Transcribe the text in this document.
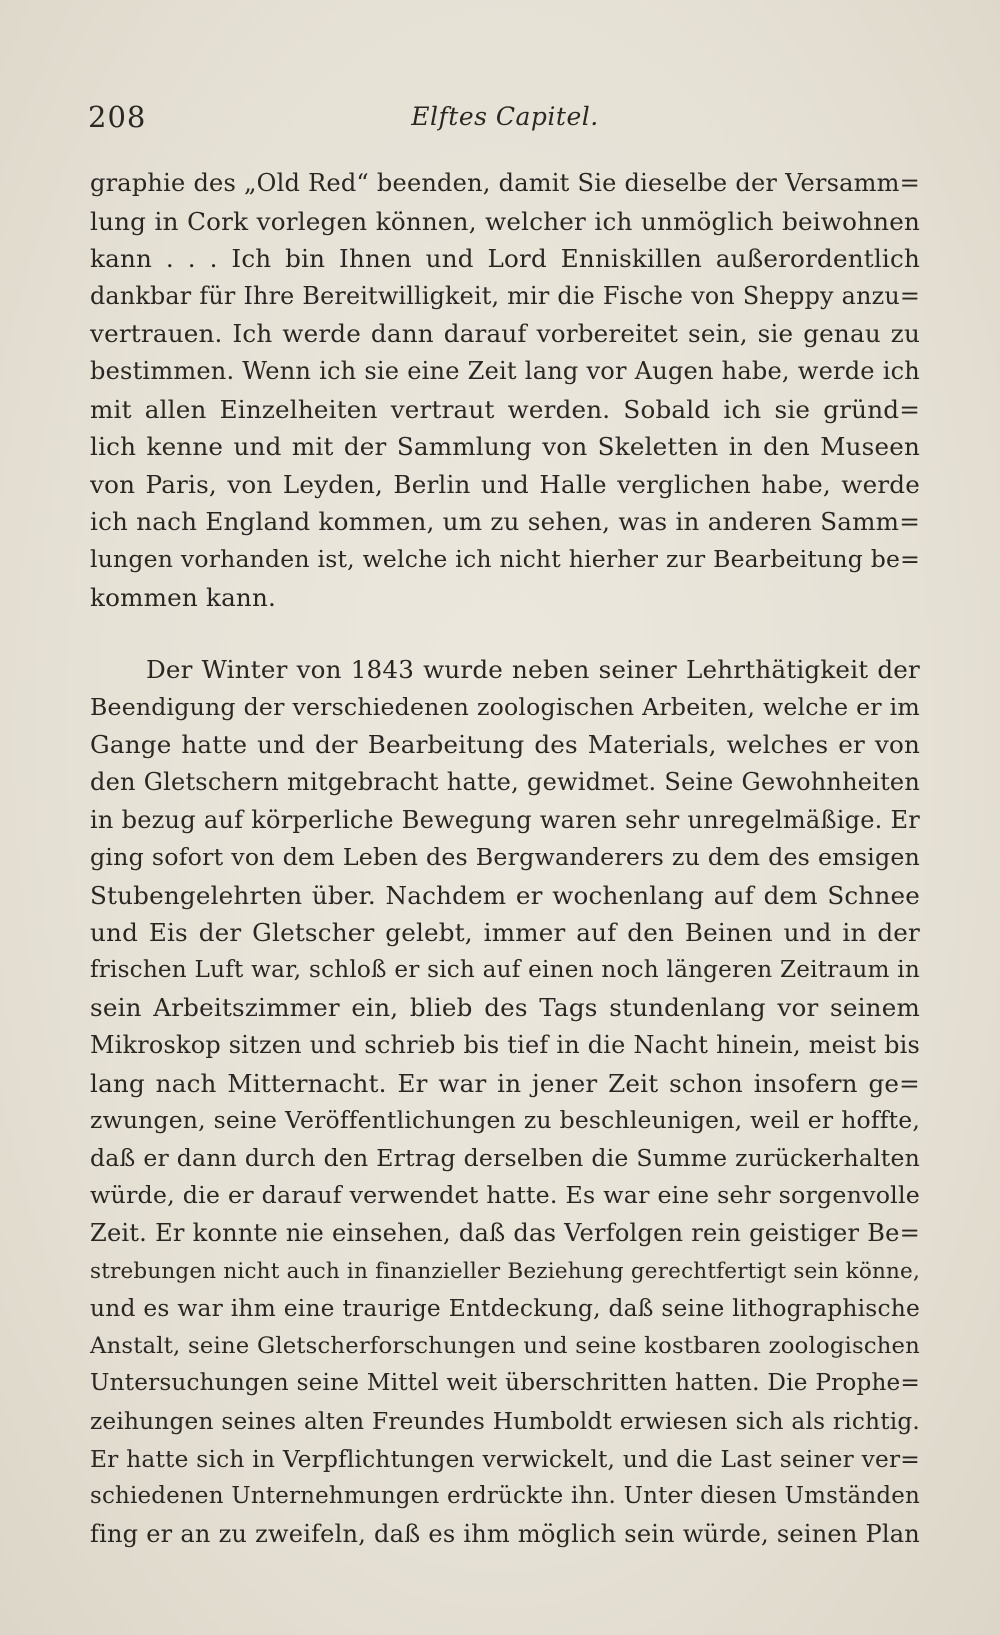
208	Elftes Capitel.
graphie des „Old Red“ beenden, damit Sie dieselbe der Versamm=
lung in Cork vorlegen können, welcher ich unmöglich beiwohnen
kann . . . Ich bin Ihnen und Lord Enniskillen außerordentlich
dankbar für Ihre Bereitwilligkeit, mir die Fische von Sheppy anzu=
vertrauen. Ich werde dann darauf vorbereitet sein, sie genau zu
bestimmen. Wenn ich sie eine Zeit lang vor Augen habe, werde ich
mit allen Einzelheiten vertraut werden. Sobald ich sie gründ=
lich kenne und mit der Sammlung von Skeletten in den Museen
von Paris, von Leyden, Berlin und Halle verglichen habe, werde
ich nach England kommen, um zu sehen, was in anderen Samm=
lungen vorhanden ist, welche ich nicht hierher zur Bearbeitung be=
kommen kann.
Der Winter von 1843 wurde neben seiner Lehrthätigkeit der
Beendigung der verschiedenen zoologischen Arbeiten, welche er im
Gange hatte und der Bearbeitung des Materials, welches er von
den Gletschern mitgebracht hatte, gewidmet. Seine Gewohnheiten
in bezug auf körperliche Bewegung waren sehr unregelmäßige. Er
ging sofort von dem Leben des Bergwanderers zu dem des emsigen
Stubengelehrten über. Nachdem er wochenlang auf dem Schnee
und Eis der Gletscher gelebt, immer auf den Beinen und in der
frischen Luft war, schloß er sich auf einen noch längeren Zeitraum in
sein Arbeitszimmer ein, blieb des Tags stundenlang vor seinem
Mikroskop sitzen und schrieb bis tief in die Nacht hinein, meist bis
lang nach Mitternacht. Er war in jener Zeit schon insofern ge=
zwungen, seine Veröffentlichungen zu beschleunigen, weil er hoffte,
daß er dann durch den Ertrag derselben die Summe zurückerhalten
würde, die er darauf verwendet hatte. Es war eine sehr sorgenvolle
Zeit. Er konnte nie einsehen, daß das Verfolgen rein geistiger Be=
strebungen nicht auch in finanzieller Beziehung gerechtfertigt sein könne,
und es war ihm eine traurige Entdeckung, daß seine lithographische
Anstalt, seine Gletscherforschungen und seine kostbaren zoologischen
Untersuchungen seine Mittel weit überschritten hatten. Die Prophe=
zeihungen seines alten Freundes Humboldt erwiesen sich als richtig.
Er hatte sich in Verpflichtungen verwickelt, und die Last seiner ver=
schiedenen Unternehmungen erdrückte ihn. Unter diesen Umständen
fing er an zu zweifeln, daß es ihm möglich sein würde, seinen Plan
